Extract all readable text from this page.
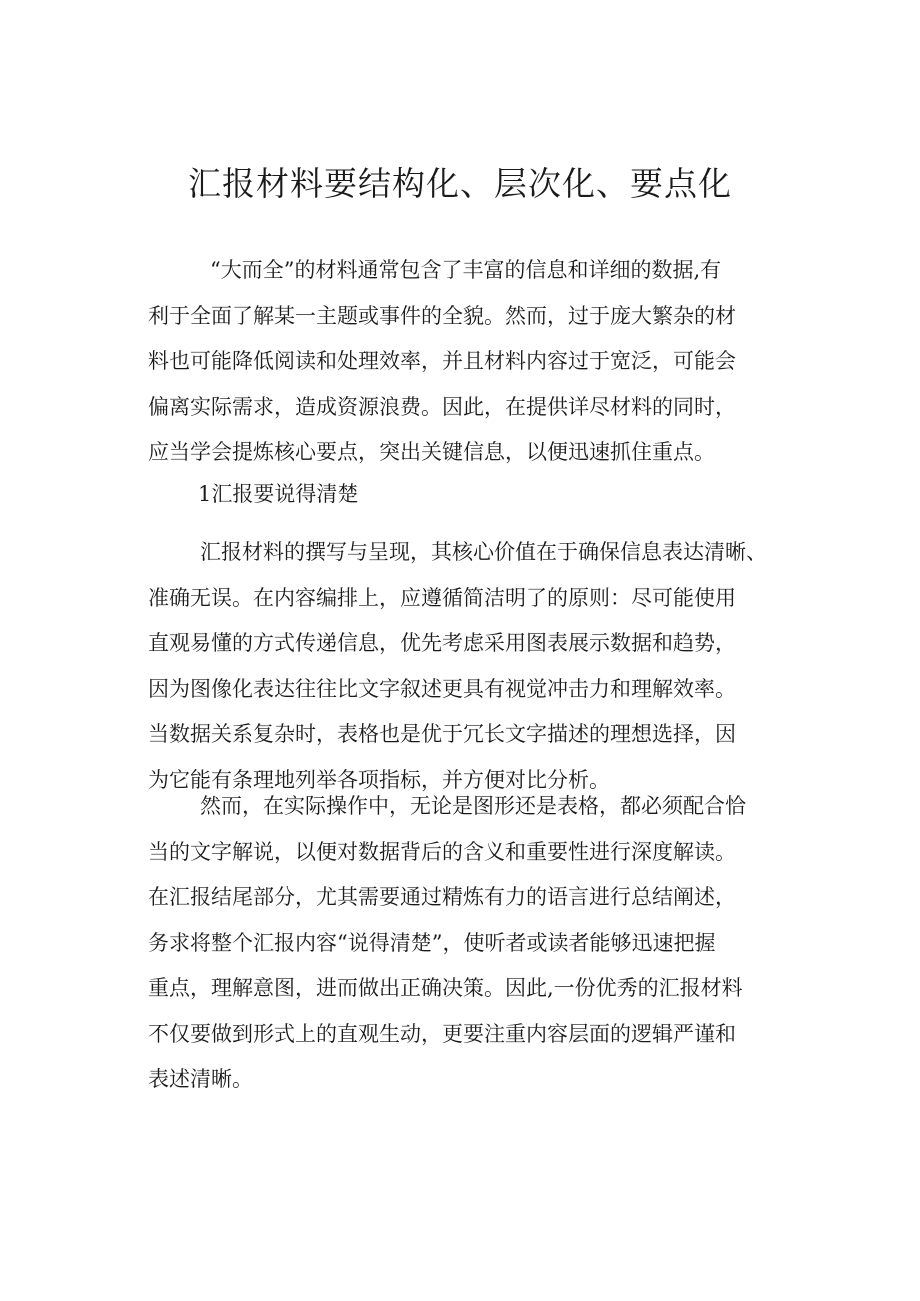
汇报材料要结构化、层次化、要点化

“大而全”的材料通常包含了丰富的信息和详细的数据,有
利于全面了解某一主题或事件的全貌。然而，过于庞大繁杂的材
料也可能降低阅读和处理效率，并且材料内容过于宽泛，可能会
偏离实际需求，造成资源浪费。因此，在提供详尽材料的同时，
应当学会提炼核心要点，突出关键信息，以便迅速抓住重点。

1汇报要说得清楚

汇报材料的撰写与呈现，其核心价值在于确保信息表达清晰、
准确无误。在内容编排上，应遵循简洁明了的原则：尽可能使用
直观易懂的方式传递信息，优先考虑采用图表展示数据和趋势，
因为图像化表达往往比文字叙述更具有视觉冲击力和理解效率。
当数据关系复杂时，表格也是优于冗长文字描述的理想选择，因
为它能有条理地列举各项指标，并方便对比分析。

然而，在实际操作中，无论是图形还是表格，都必须配合恰
当的文字解说，以便对数据背后的含义和重要性进行深度解读。
在汇报结尾部分，尤其需要通过精炼有力的语言进行总结阐述，
务求将整个汇报内容“说得清楚”，使听者或读者能够迅速把握
重点，理解意图，进而做出正确决策。因此,一份优秀的汇报材料
不仅要做到形式上的直观生动，更要注重内容层面的逻辑严谨和
表述清晰。
